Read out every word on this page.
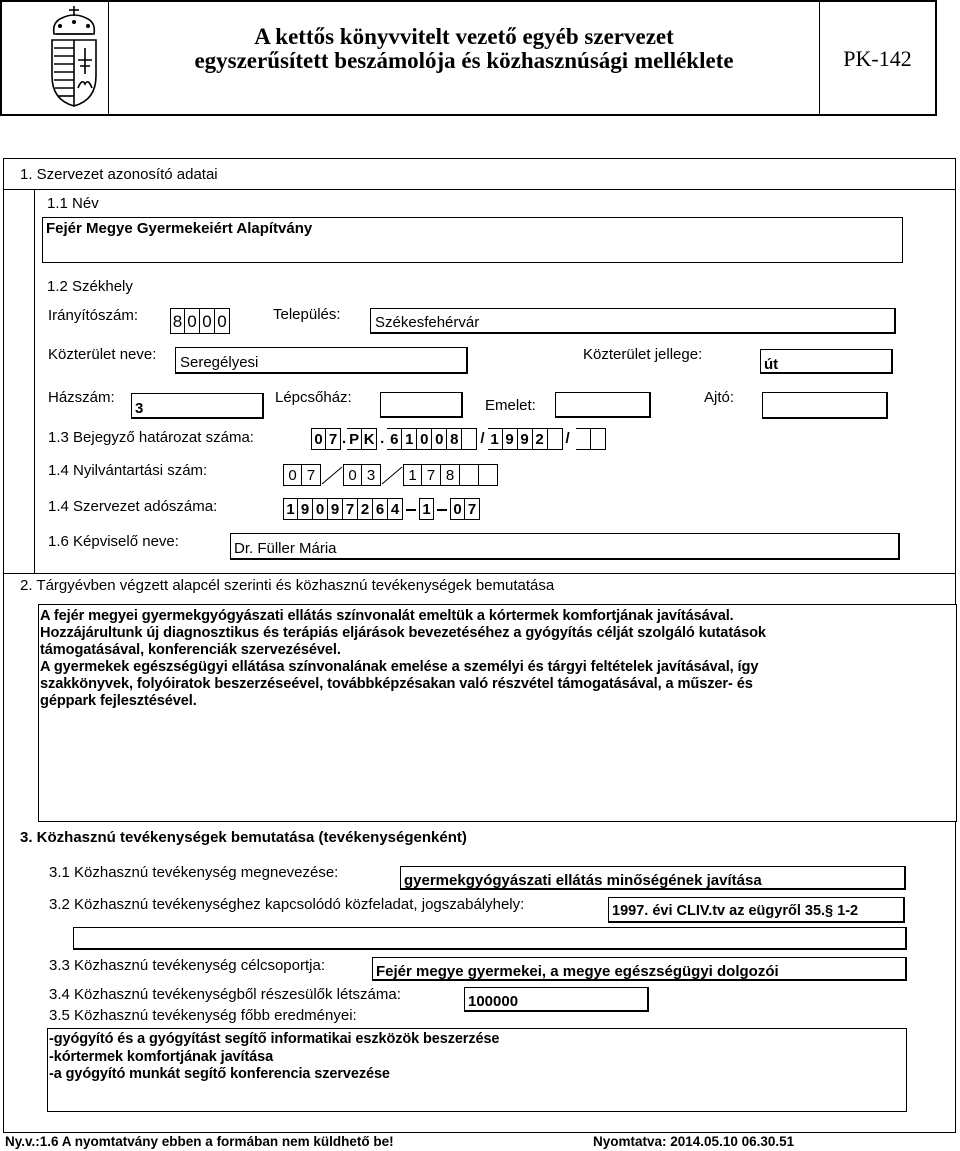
A kettős könyvvitelt vezető egyéb szervezet
egyszerűsített beszámolója és közhasznúsági melléklete	PK-142
1. Szervezet azonosító adatai
1.1 Név
Fejér Megye Gyermekeiért Alapítvány
1.2 Székhely
Irányítószám: 8 0 0 0	Település: Székesfehérvár
Közterület neve: Seregélyesi	Közterület jellege:
út
Házszám:
3
Lépcsőház:	Emelet:	Ajtó:
1.3 Bejegyző határozat száma:	0 7 . P K . 6 1 0 0 8 / 1 9 9 2 /
1.4 Nyilvántartási szám:	0 7	0 3	1 7 8
1.4 Szervezet adószáma:	1 9 0 9 7 2 6 4 1 0 7
1.6 Képviselő neve:	Dr. Füller Mária
2. Tárgyévben végzett alapcél szerinti és közhasznú tevékenységek bemutatása
A fejér megyei gyermekgyógyászati ellátás színvonalát emeltük a kórtermek komfortjának javításával.
Hozzájárultunk új diagnosztikus és terápiás eljárások bevezetéséhez a gyógyítás célját szolgáló kutatások
támogatásával, konferenciák szervezésével.
A gyermekek egészségügyi ellátása színvonalának emelése a személyi és tárgyi feltételek javításával, így
szakkönyvek, folyóiratok beszerzéseével, továbbképzésakan való részvétel támogatásával, a műszer- és
géppark fejlesztésével.
3. Közhasznú tevékenységek bemutatása (tevékenységenként)
3.1 Közhasznú tevékenység megnevezése:	gyermekgyógyászati ellátás minőségének javítása
3.2 Közhasznú tevékenységhez kapcsolódó közfeladat, jogszabályhely:	1997. évi CLIV.tv az eügyről 35.§ 1-2
3.3 Közhasznú tevékenység célcsoportja:	Fejér megye gyermekei, a megye egészségügyi dolgozói
3.4 Közhasznú tevékenységből részesülők létszáma:	100000
3.5 Közhasznú tevékenység főbb eredményei:
-gyógyító és a gyógyítást segítő informatikai eszközök beszerzése
-kórtermek komfortjának javítása
-a gyógyító munkát segítő konferencia szervezése
Ny.v.:1.6 A nyomtatvány ebben a formában nem küldhető be!	Nyomtatva: 2014.05.10 06.30.51
